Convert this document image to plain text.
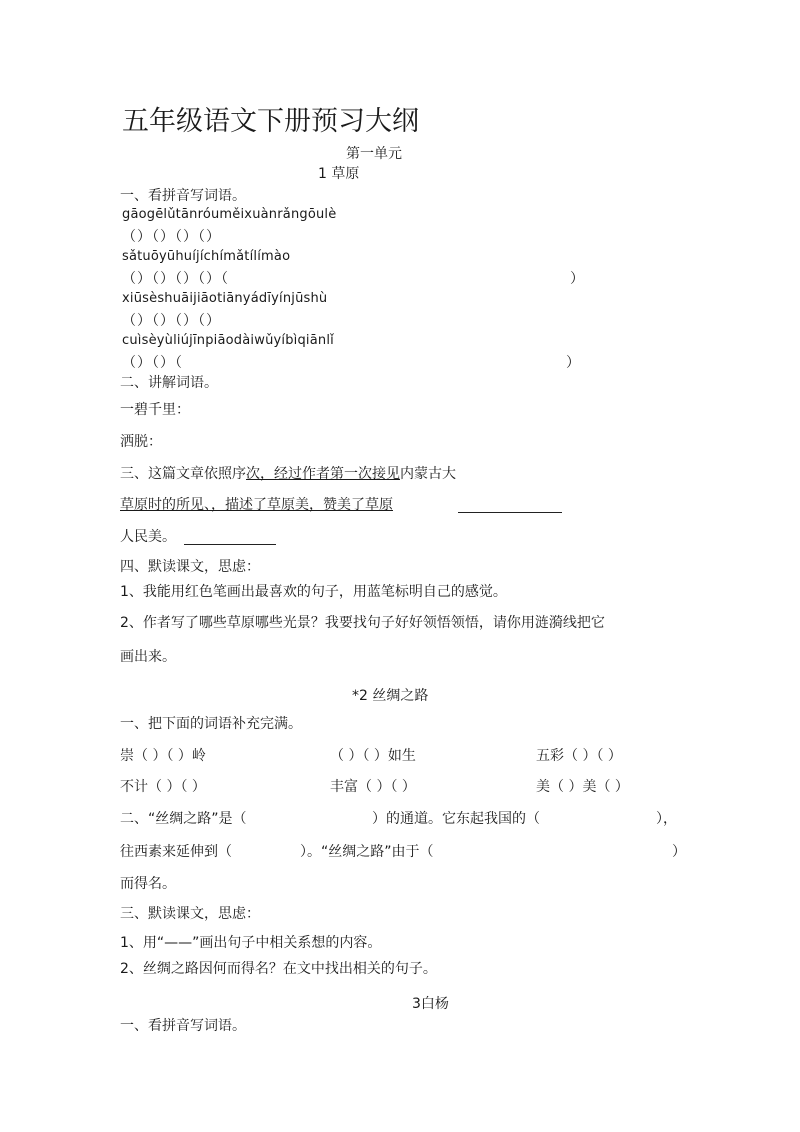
五年级语文下册预习大纲
第一单元
1 草原
一、看拼音写词语。
gāogēlǔtānróuměixuànrǎngōulè
（）（）（）（）
sǎtuōyūhuíjíchímǎtílímào
（）（）（）（）（	）
xiūsèshuāijiāotiānyádīyínjūshù
（）（）（）（）
cuìsèyùliújīnpiāodàiwǔyíbìqiānlǐ
（）（）（	）
二、讲解词语。
一碧千里：
洒脱：
三、这篇文章依照序次，经过作者第一次接见内蒙古大
草原时的所见、，描述了草原美，赞美了草原
人民美。
四、默读课文，思虑：
1、我能用红色笔画出最喜欢的句子，用蓝笔标明自己的感觉。
2、作者写了哪些草原哪些光景？我要找句子好好领悟领悟，请你用涟漪线把它
画出来。
*2 丝绸之路
一、把下面的词语补充完满。
崇（ ）（ ）岭	（ ）（ ）如生	五彩（ ）（ ）
不计（ ）（ ）	丰富（ ）（ ）	美（ ）美（ ）
二、“丝绸之路”是（	）的通道。它东起我国的（	），
往西素来延伸到（	）。“丝绸之路”由于（	）
而得名。
三、默读课文，思虑：
1、用“——”画出句子中相关系想的内容。
2、丝绸之路因何而得名？在文中找出相关的句子。
3白杨
一、看拼音写词语。
